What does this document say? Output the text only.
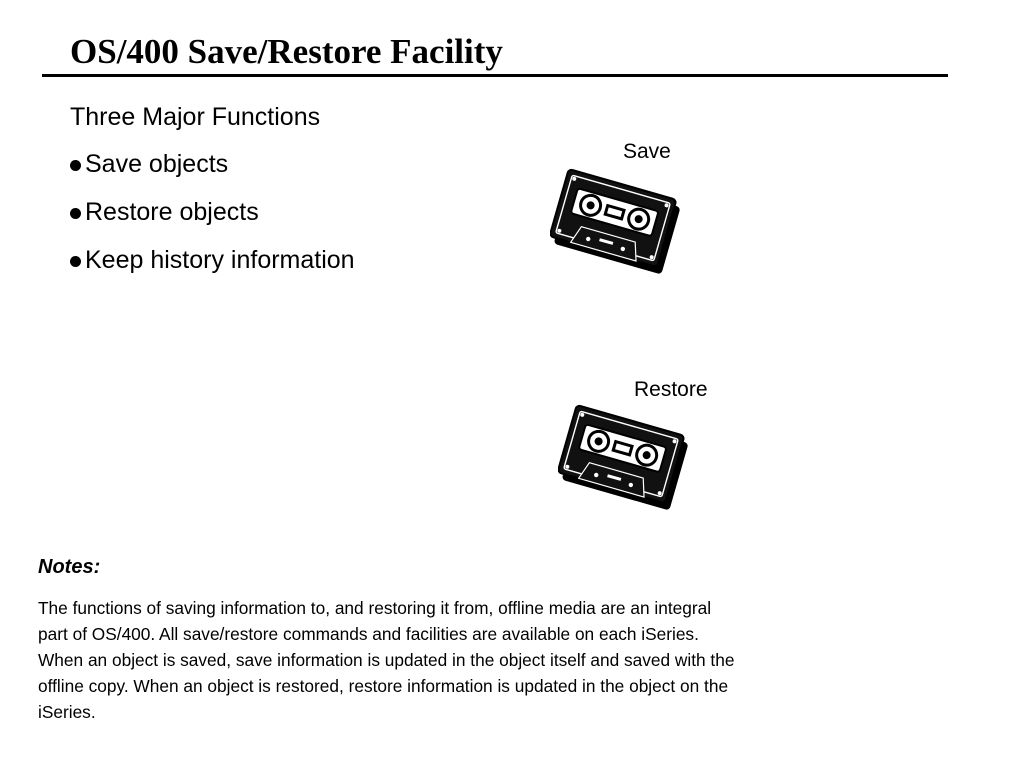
OS/400 Save/Restore Facility
Three Major Functions
Save objects
Restore objects
Keep history information
Save
Restore
Notes:

The functions of saving information to, and restoring it from, offline media are an integral
part of OS/400. All save/restore commands and facilities are available on each iSeries.
When an object is saved, save information is updated in the object itself and saved with the
offline copy. When an object is restored, restore information is updated in the object on the
iSeries.
